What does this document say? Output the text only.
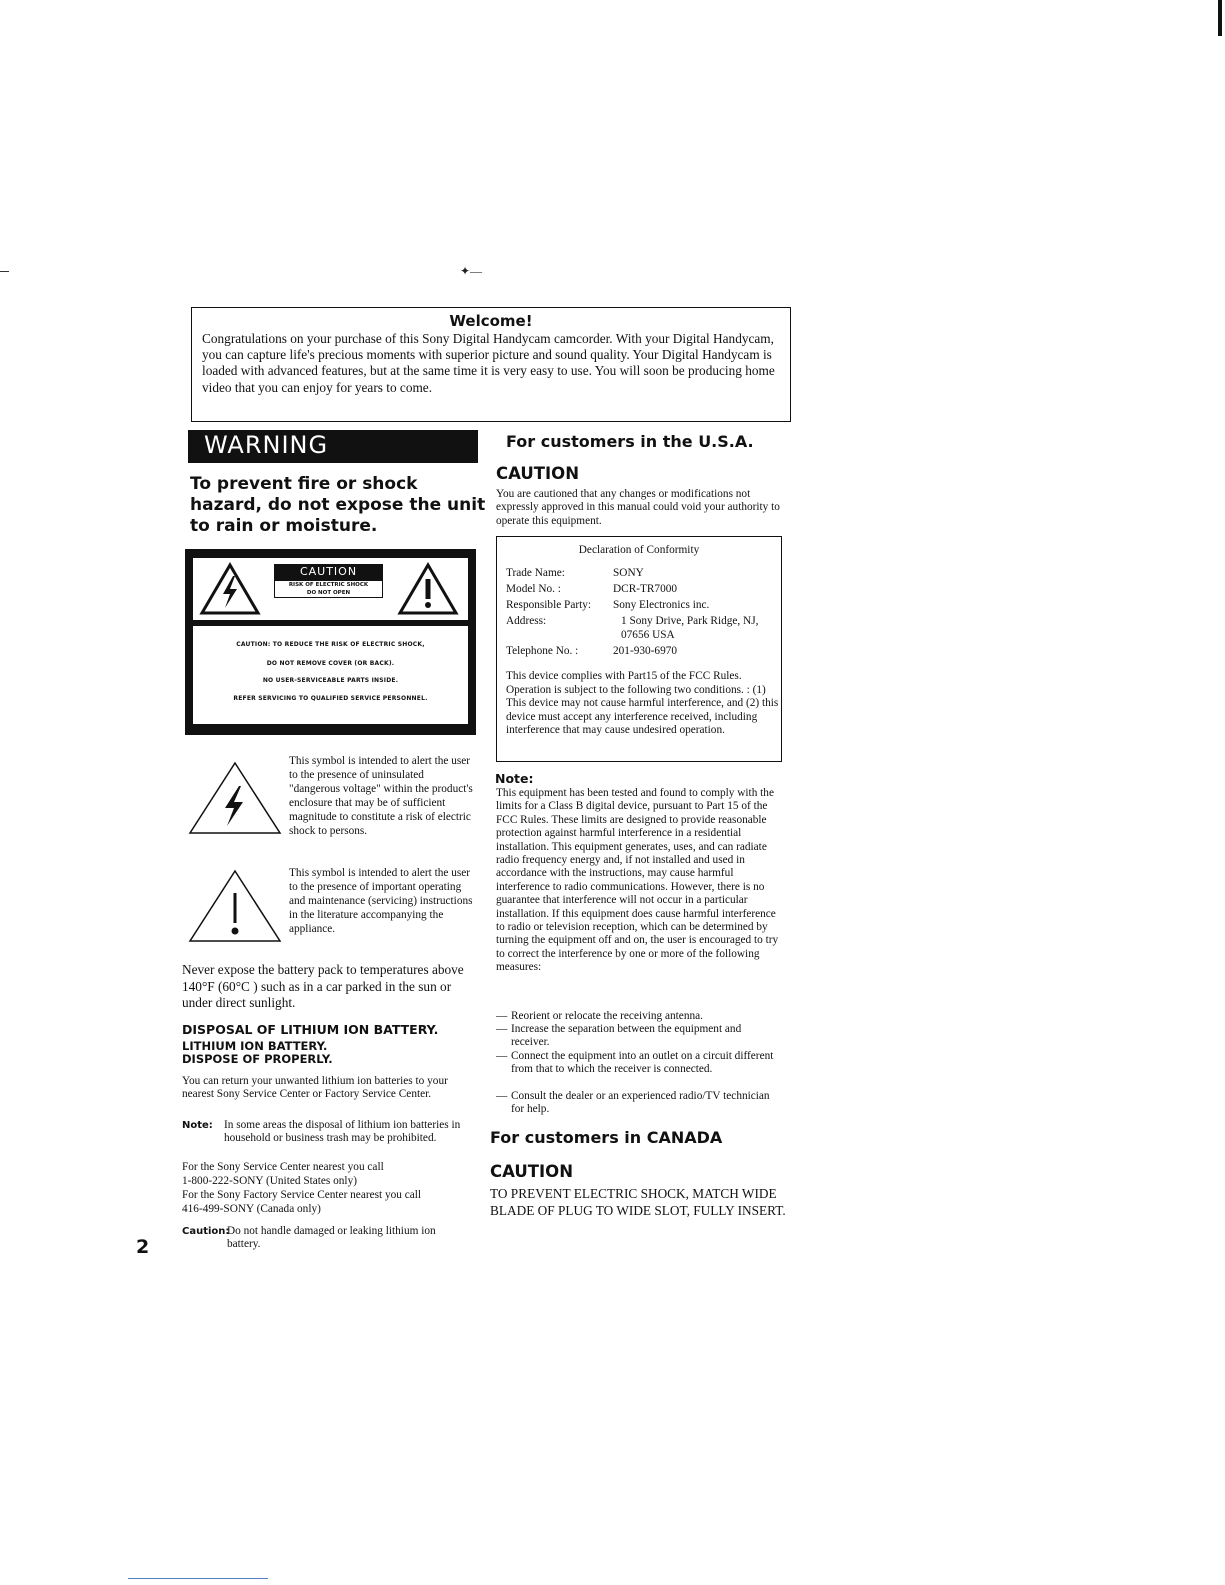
✦—
Welcome!
Congratulations on your purchase of this Sony Digital Handycam camcorder. With your Digital Handycam, you can capture life's precious moments with superior picture and sound quality. Your Digital Handycam is loaded with advanced features, but at the same time it is very easy to use. You will soon be producing home video that you can enjoy for years to come.
WARNING
To prevent fire or shock hazard, do not expose the unit to rain or moisture.
CAUTION
RISK OF ELECTRIC SHOCK
DO NOT OPEN
CAUTION: TO REDUCE THE RISK OF ELECTRIC SHOCK,
DO NOT REMOVE COVER (OR BACK).
NO USER-SERVICEABLE PARTS INSIDE.
REFER SERVICING TO QUALIFIED SERVICE PERSONNEL.
This symbol is intended to alert the user to the presence of uninsulated "dangerous voltage" within the product's enclosure that may be of sufficient magnitude to constitute a risk of electric shock to persons.
This symbol is intended to alert the user to the presence of important operating and maintenance (servicing) instructions in the literature accompanying the appliance.
Never expose the battery pack to temperatures above 140°F (60°C ) such as in a car parked in the sun or under direct sunlight.
DISPOSAL OF LITHIUM ION BATTERY.
LITHIUM ION BATTERY.
DISPOSE OF PROPERLY.
You can return your unwanted lithium ion batteries to your nearest Sony Service Center or Factory Service Center.
Note: In some areas the disposal of lithium ion batteries in household or business trash may be prohibited.
For the Sony Service Center nearest you call
1-800-222-SONY (United States only)
For the Sony Factory Service Center nearest you call
416-499-SONY (Canada only)
Caution:
Do not handle damaged or leaking lithium ion battery.
2
For customers in the U.S.A.
CAUTION
You are cautioned that any changes or modifications not expressly approved in this manual could void your authority to operate this equipment.
Declaration of Conformity
Trade Name:	SONY
Model No. :	DCR-TR7000
Responsible Party: Sony Electronics inc.
Address:	1 Sony Drive, Park Ridge, NJ, 07656 USA
Telephone No. :	201-930-6970
This device complies with Part15 of the FCC Rules. Operation is subject to the following two conditions. : (1) This device may not cause harmful interference, and (2) this device must accept any interference received, including interference that may cause undesired operation.
Note:
This equipment has been tested and found to comply with the limits for a Class B digital device, pursuant to Part 15 of the FCC Rules. These limits are designed to provide reasonable protection against harmful interference in a residential installation. This equipment generates, uses, and can radiate radio frequency energy and, if not installed and used in accordance with the instructions, may cause harmful interference to radio communications. However, there is no guarantee that interference will not occur in a particular installation. If this equipment does cause harmful interference to radio or television reception, which can be determined by turning the equipment off and on, the user is encouraged to try to correct the interference by one or more of the following measures:
— Reorient or relocate the receiving antenna.
— Increase the separation between the equipment and receiver.
— Connect the equipment into an outlet on a circuit different from that to which the receiver is connected.
— Consult the dealer or an experienced radio/TV technician for help.
For customers in CANADA
CAUTION
TO PREVENT ELECTRIC SHOCK, MATCH WIDE BLADE OF PLUG TO WIDE SLOT, FULLY INSERT.
